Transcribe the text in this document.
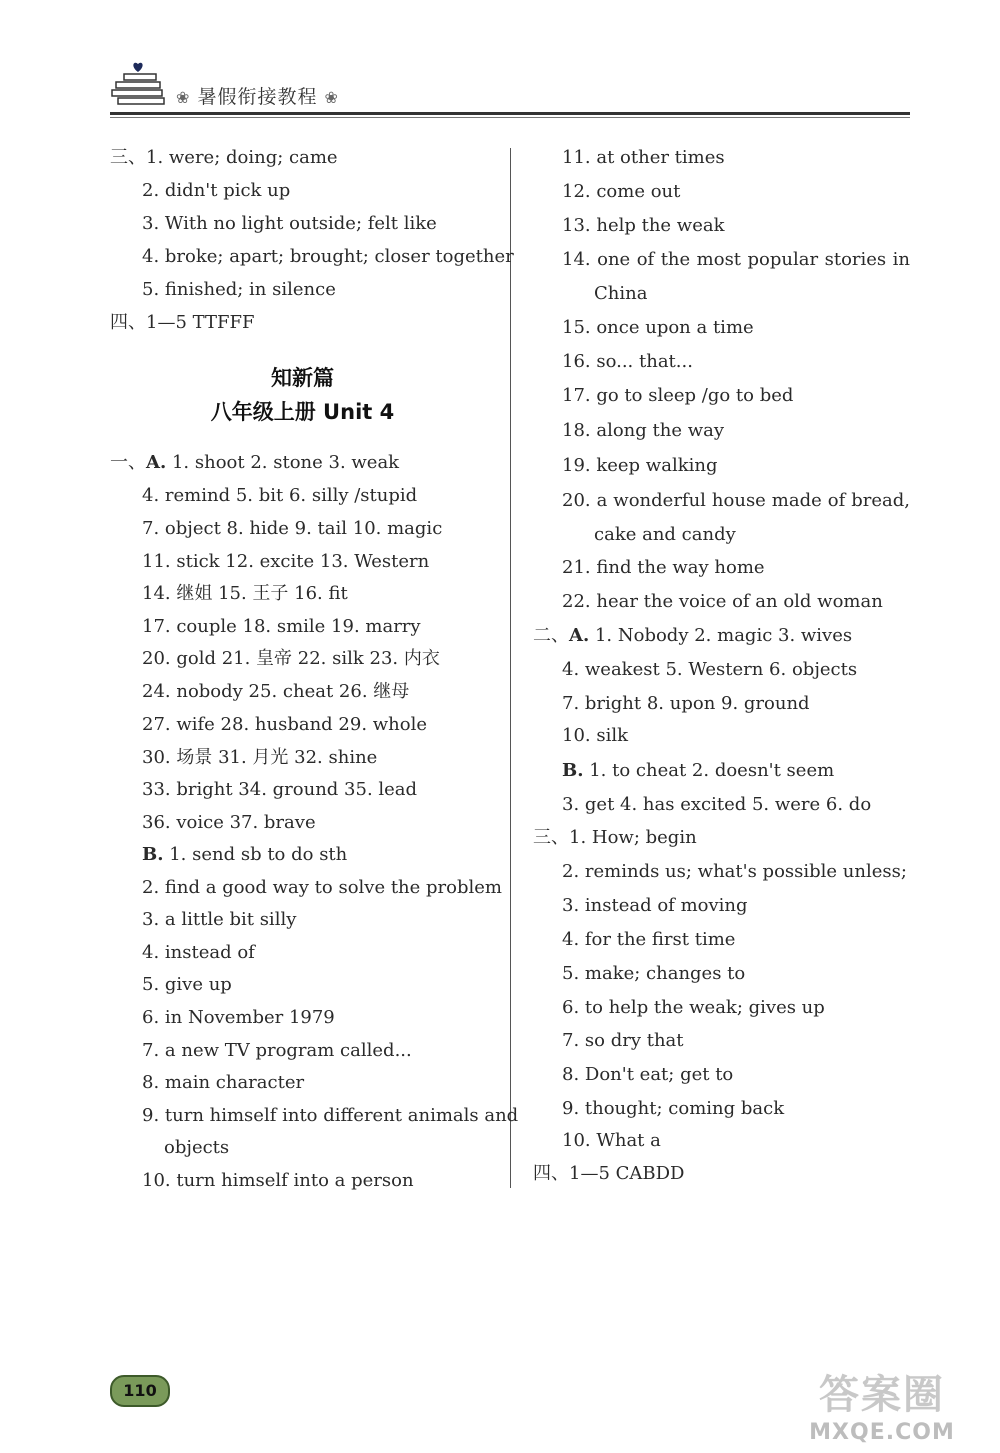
❀ 暑假衔接教程 ❀
三、1. were; doing; came
2. didn't pick up
3. With no light outside; felt like
4. broke; apart; brought; closer together
5. finished; in silence
四、1—5 TTFFF
知新篇
八年级上册 Unit 4
一、A. 1. shoot 2. stone 3. weak
4. remind 5. bit 6. silly /stupid
7. object 8. hide 9. tail 10. magic
11. stick 12. excite 13. Western
14. 继姐 15. 王子 16. fit
17. couple 18. smile 19. marry
20. gold 21. 皇帝 22. silk 23. 内衣
24. nobody 25. cheat 26. 继母
27. wife 28. husband 29. whole
30. 场景 31. 月光 32. shine
33. bright 34. ground 35. lead
36. voice 37. brave
B. 1. send sb to do sth
2. find a good way to solve the problem
3. a little bit silly
4. instead of
5. give up
6. in November 1979
7. a new TV program called...
8. main character
9. turn himself into different animals and
objects
10. turn himself into a person
11. at other times
12. come out
13. help the weak
14. one of the most popular stories in
China
15. once upon a time
16. so... that...
17. go to sleep /go to bed
18. along the way
19. keep walking
20. a wonderful house made of bread,
cake and candy
21. find the way home
22. hear the voice of an old woman
二、A. 1. Nobody 2. magic 3. wives
4. weakest 5. Western 6. objects
7. bright 8. upon 9. ground
10. silk
B. 1. to cheat 2. doesn't seem
3. get 4. has excited 5. were 6. do
三、1. How; begin
2. reminds us; what's possible unless;
3. instead of moving
4. for the first time
5. make; changes to
6. to help the weak; gives up
7. so dry that
8. Don't eat; get to
9. thought; coming back
10. What a
四、1—5 CABDD
110	答案圈
MXQE.COM
